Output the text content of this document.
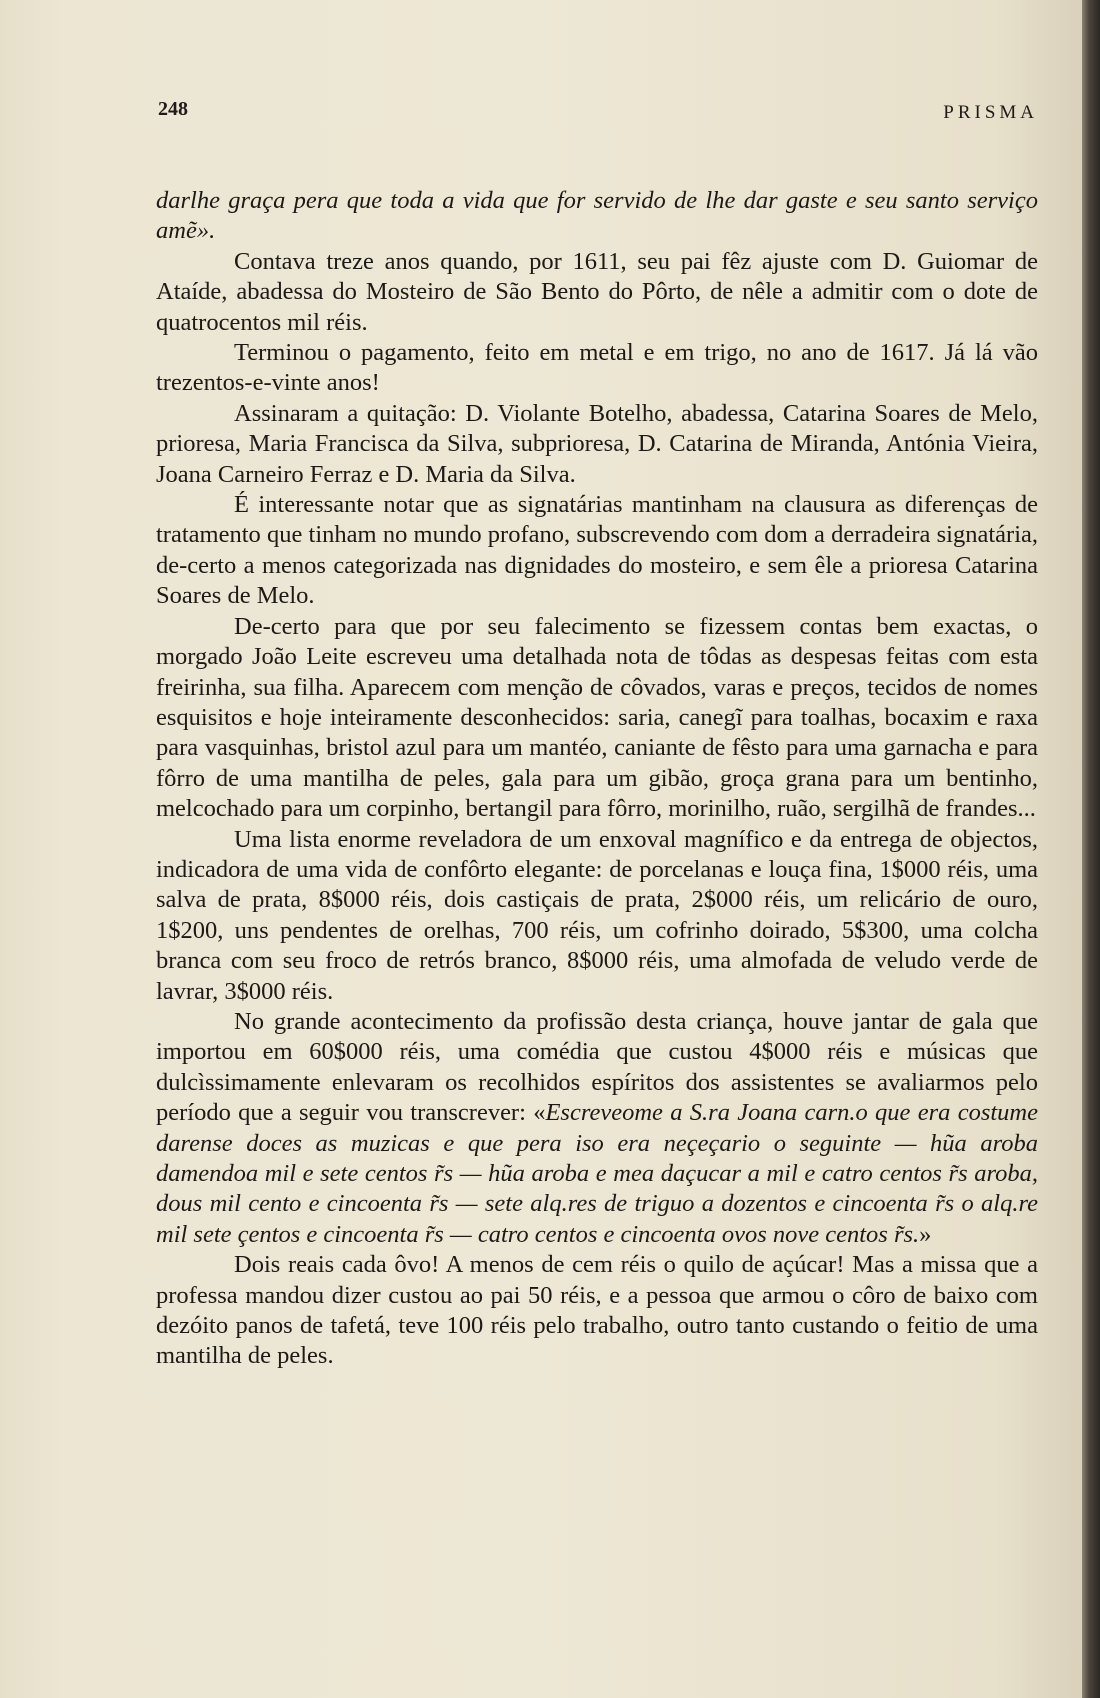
248	PRISMA

darlhe graça pera que toda a vida que for servido de lhe dar gaste e seu santo serviço amẽ».

Contava treze anos quando, por 1611, seu pai fêz ajuste com D. Guiomar de Ataíde, abadessa do Mosteiro de São Bento do Pôrto, de nêle a admitir com o dote de quatrocentos mil réis.

Terminou o pagamento, feito em metal e em trigo, no ano de 1617. Já lá vão trezentos-e-vinte anos!

Assinaram a quitação: D. Violante Botelho, abadessa, Catarina Soares de Melo, prioresa, Maria Francisca da Silva, subprioresa, D. Catarina de Miranda, Antónia Vieira, Joana Carneiro Ferraz e D. Maria da Silva.

É interessante notar que as signatárias mantinham na clausura as diferenças de tratamento que tinham no mundo profano, subscrevendo com dom a derradeira signatária, de-certo a menos categorizada nas dignidades do mosteiro, e sem êle a prioresa Catarina Soares de Melo.

De-certo para que por seu falecimento se fizessem contas bem exactas, o morgado João Leite escreveu uma detalhada nota de tôdas as despesas feitas com esta freirinha, sua filha. Aparecem com menção de côvados, varas e preços, tecidos de nomes esquisitos e hoje inteiramente desconhecidos: saria, canegĩ para toalhas, bocaxim e raxa para vasquinhas, bristol azul para um mantéo, caniante de fêsto para uma garnacha e para fôrro de uma mantilha de peles, gala para um gibão, groça grana para um bentinho, melcochado para um corpinho, bertangil para fôrro, morinilho, ruão, sergilhã de frandes...

Uma lista enorme reveladora de um enxoval magnífico e da entrega de objectos, indicadora de uma vida de confôrto elegante: de porcelanas e louça fina, 1$000 réis, uma salva de prata, 8$000 réis, dois castiçais de prata, 2$000 réis, um relicário de ouro, 1$200, uns pendentes de orelhas, 700 réis, um cofrinho doirado, 5$300, uma colcha branca com seu froco de retrós branco, 8$000 réis, uma almofada de veludo verde de lavrar, 3$000 réis.

No grande acontecimento da profissão desta criança, houve jantar de gala que importou em 60$000 réis, uma comédia que custou 4$000 réis e músicas que dulcìssimamente enlevaram os recolhidos espíritos dos assistentes se avaliarmos pelo período que a seguir vou transcrever: «Escreveome a S.ra Joana carn.o que era costume darense doces as muzicas e que pera iso era neçeçario o seguinte — hũa aroba damendoa mil e sete centos r̃s — hũa aroba e mea daçucar a mil e catro centos r̃s aroba, dous mil cento e cincoenta r̃s — sete alq.res de triguo a dozentos e cincoenta r̃s o alq.re mil sete çentos e cincoenta r̃s — catro centos e cincoenta ovos nove centos r̃s.»

Dois reais cada ôvo! A menos de cem réis o quilo de açúcar! Mas a missa que a professa mandou dizer custou ao pai 50 réis, e a pessoa que armou o côro de baixo com dezóito panos de tafetá, teve 100 réis pelo trabalho, outro tanto custando o feitio de uma mantilha de peles.
